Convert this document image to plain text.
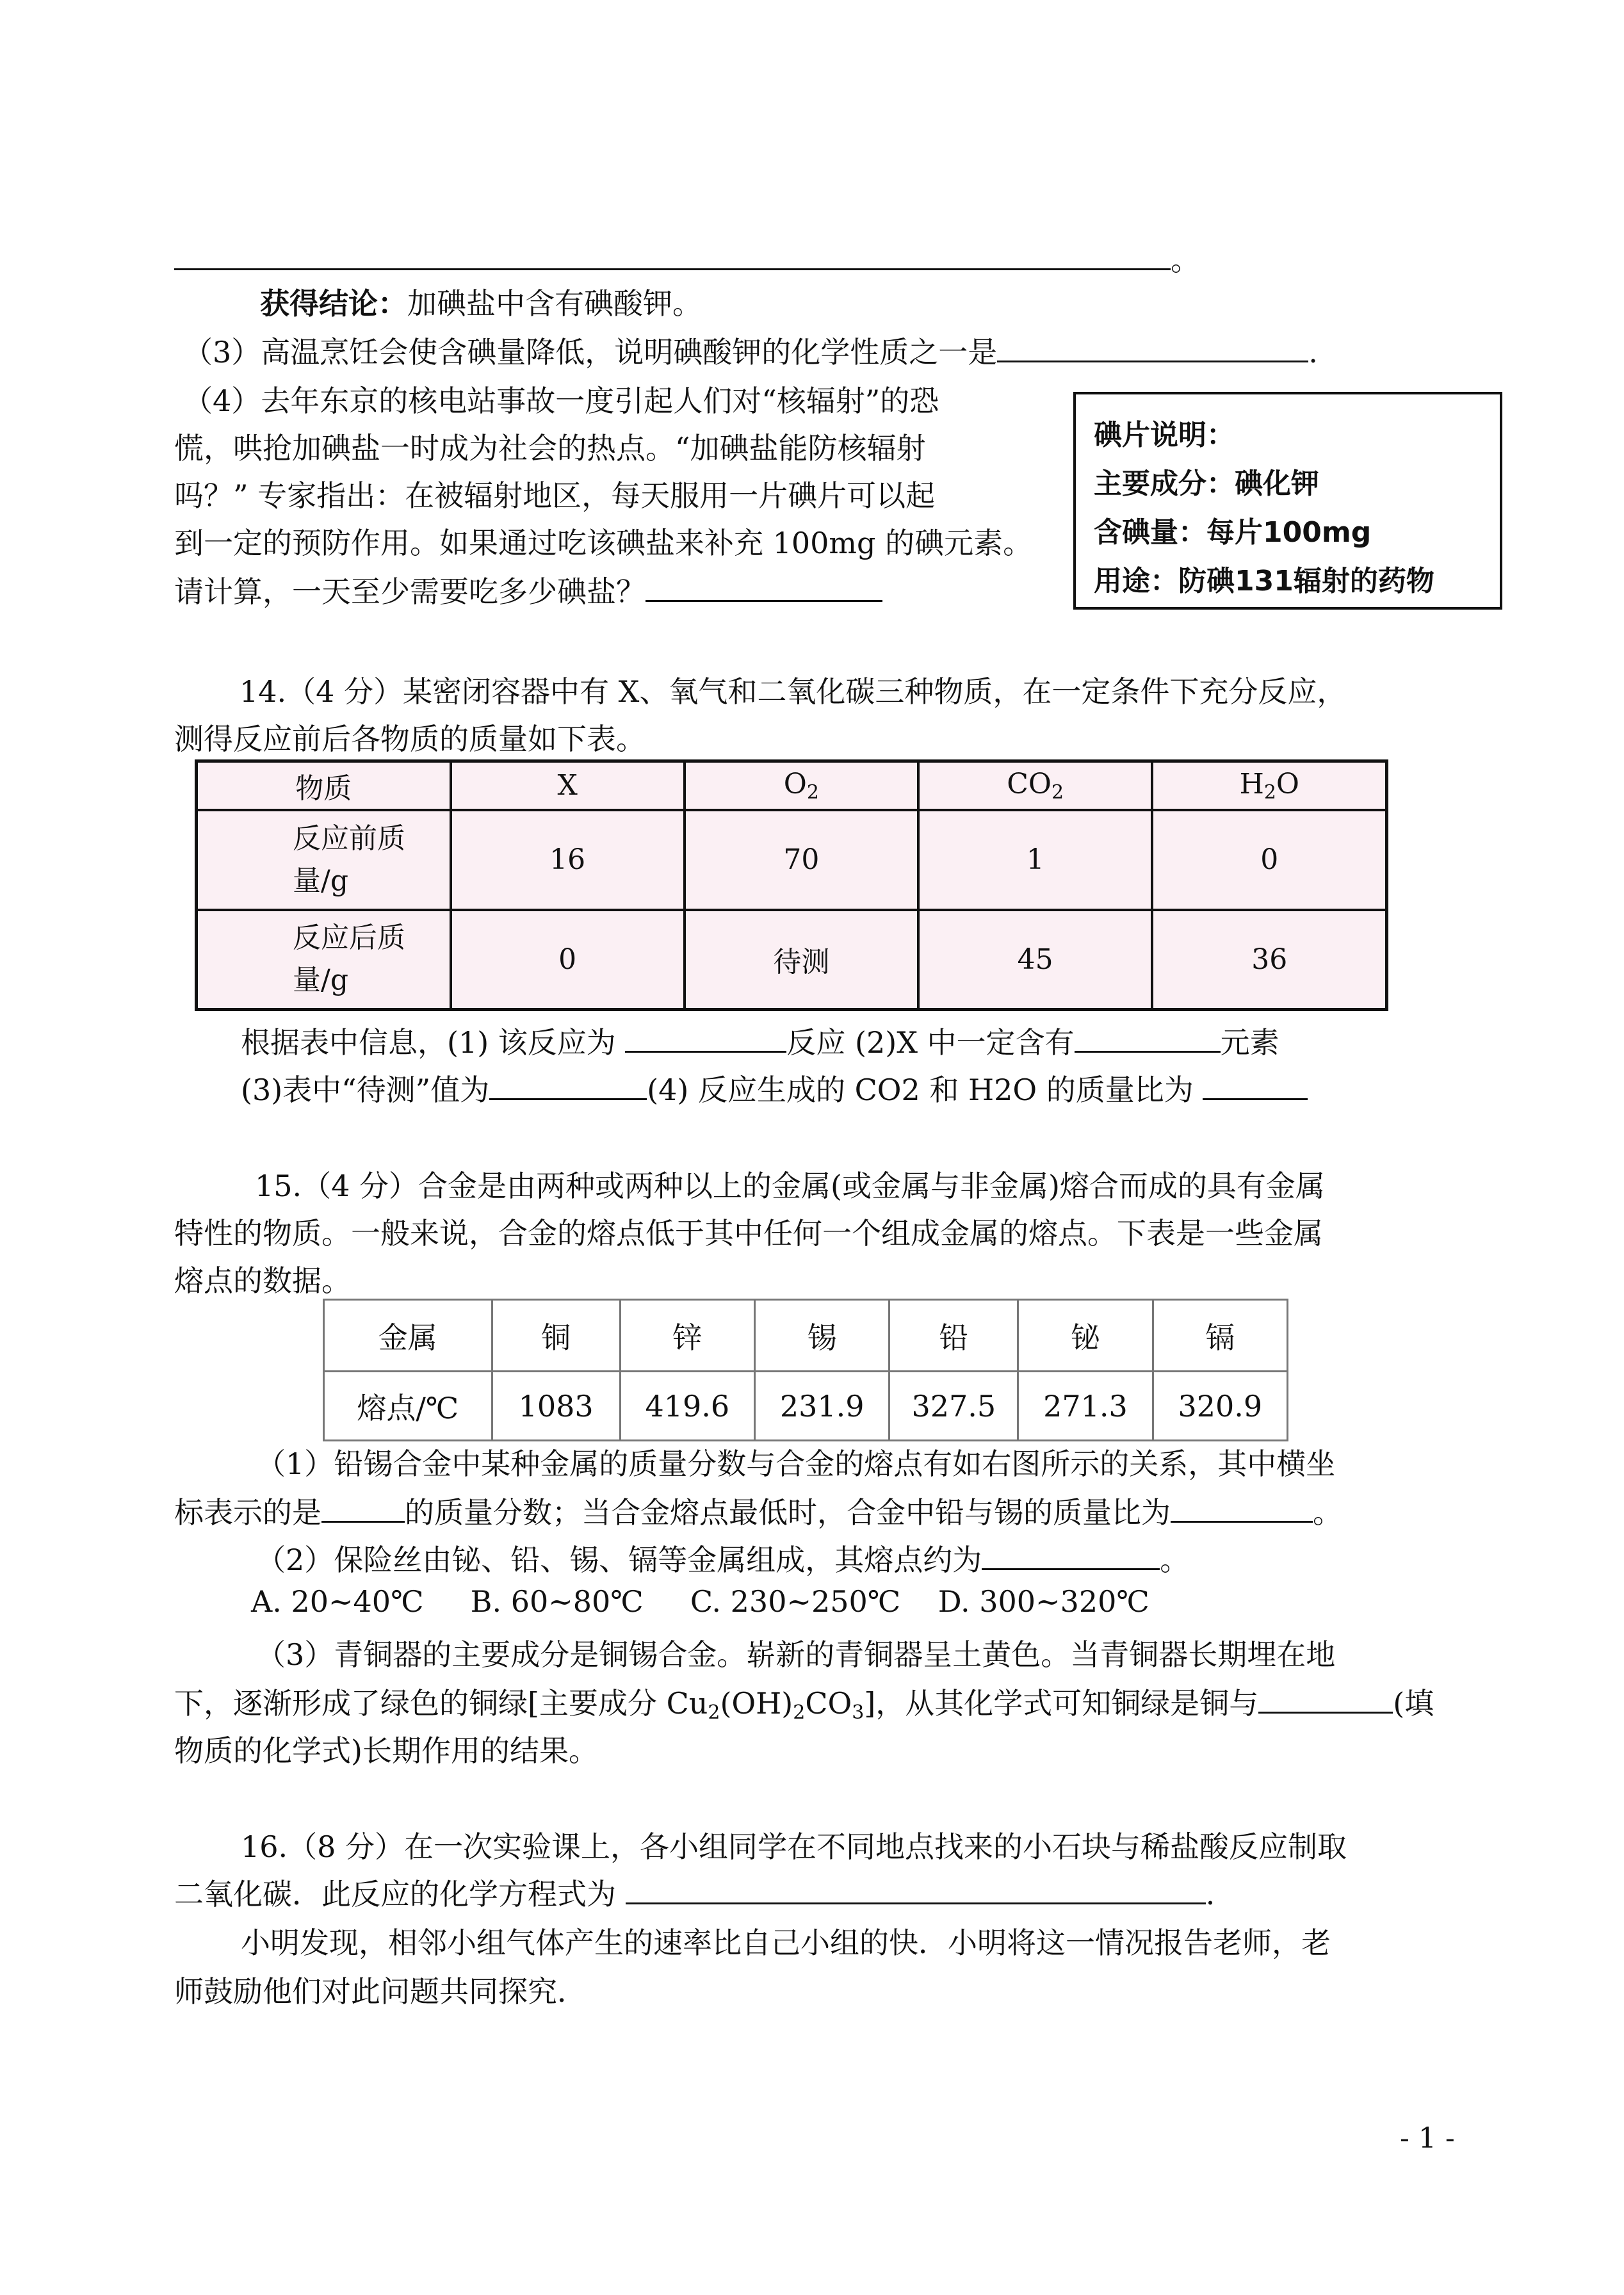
。
获得结论：加碘盐中含有碘酸钾。
（3）高温烹饪会使含碘量降低，说明碘酸钾的化学性质之一是	.
（4）去年东京的核电站事故一度引起人们对“核辐射”的恐
慌，哄抢加碘盐一时成为社会的热点。“加碘盐能防核辐射
吗？” 专家指出：在被辐射地区，每天服用一片碘片可以起
到一定的预防作用。如果通过吃该碘盐来补充 100mg 的碘元素。
请计算，一天至少需要吃多少碘盐？
碘片说明：
主要成分：碘化钾
含碘量：每片100mg
用途：防碘131辐射的药物
14.（4 分）某密闭容器中有 X、氧气和二氧化碳三种物质，在一定条件下充分反应，
测得反应前后各物质的质量如下表。
物质	X	$O_2$	$CO_2$	$H_2O$
反应前质
量/g	16	70	1	0
反应后质
量/g	0	待测	45	36
根据表中信息，(1) 该反应为	反应 (2)X 中一定含有	元素
(3)表中“待测”值为	(4) 反应生成的 CO2 和 H2O 的质量比为
15.（4 分）合金是由两种或两种以上的金属(或金属与非金属)熔合而成的具有金属
特性的物质。一般来说，合金的熔点低于其中任何一个组成金属的熔点。下表是一些金属
熔点的数据。
金属	铜	锌	锡	铅	铋	镉
熔点/℃	1083	419.6	231.9	327.5	271.3	320.9
（1）铅锡合金中某种金属的质量分数与合金的熔点有如右图所示的关系，其中横坐
标表示的是	的质量分数；当合金熔点最低时，合金中铅与锡的质量比为	。
（2）保险丝由铋、铅、锡、镉等金属组成，其熔点约为	。
A. 20~40℃     B. 60~80℃     C. 230~250℃    D. 300~320℃
（3）青铜器的主要成分是铜锡合金。崭新的青铜器呈土黄色。当青铜器长期埋在地
下，逐渐形成了绿色的铜绿[主要成分 $Cu_2(OH)_2CO_3$]，从其化学式可知铜绿是铜与	(填
物质的化学式)长期作用的结果。
16.（8 分）在一次实验课上，各小组同学在不同地点找来的小石块与稀盐酸反应制取
二氧化碳．此反应的化学方程式为	.
小明发现，相邻小组气体产生的速率比自己小组的快．小明将这一情况报告老师，老
师鼓励他们对此问题共同探究．
- 1 -
